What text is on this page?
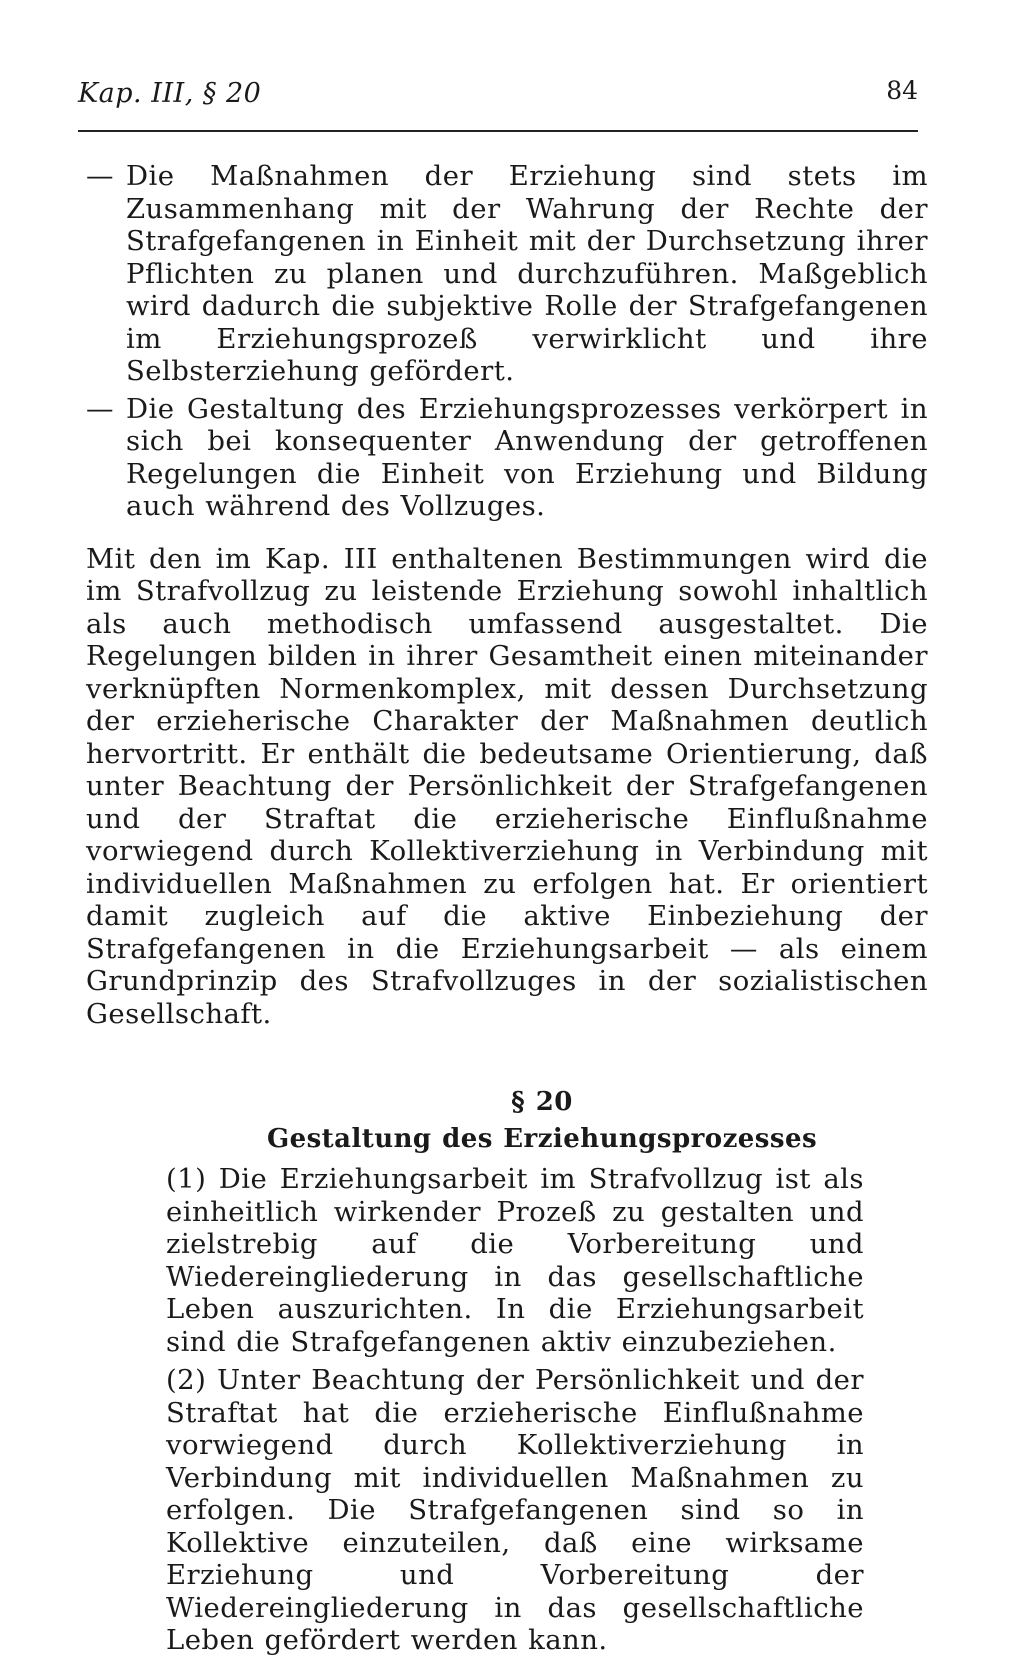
Kap. III, § 20	84
— Die Maßnahmen der Erziehung sind stets im Zusammenhang mit der Wahrung der Rechte der Strafgefangenen in Einheit mit der Durchsetzung ihrer Pflichten zu planen und durchzuführen. Maßgeblich wird dadurch die subjektive Rolle der Strafgefangenen im Erziehungsprozeß verwirklicht und ihre Selbsterziehung gefördert.
— Die Gestaltung des Erziehungsprozesses verkörpert in sich bei konsequenter Anwendung der getroffenen Regelungen die Einheit von Erziehung und Bildung auch während des Vollzuges.

Mit den im Kap. III enthaltenen Bestimmungen wird die im Strafvollzug zu leistende Erziehung sowohl inhaltlich als auch methodisch umfassend ausgestaltet. Die Regelungen bilden in ihrer Gesamtheit einen miteinander verknüpften Normenkomplex, mit dessen Durchsetzung der erzieherische Charakter der Maßnahmen deutlich hervortritt. Er enthält die bedeutsame Orientierung, daß unter Beachtung der Persönlichkeit der Strafgefangenen und der Straftat die erzieherische Einflußnahme vorwiegend durch Kollektiverziehung in Verbindung mit individuellen Maßnahmen zu erfolgen hat. Er orientiert damit zugleich auf die aktive Einbeziehung der Strafgefangenen in die Erziehungsarbeit — als einem Grundprinzip des Strafvollzuges in der sozialistischen Gesellschaft.

§ 20
Gestaltung des Erziehungsprozesses

(1) Die Erziehungsarbeit im Strafvollzug ist als einheitlich wirkender Prozeß zu gestalten und zielstrebig auf die Vorbereitung und Wiedereingliederung in das gesellschaftliche Leben auszurichten. In die Erziehungsarbeit sind die Strafgefangenen aktiv einzubeziehen.

(2) Unter Beachtung der Persönlichkeit und der Straftat hat die erzieherische Einflußnahme vorwiegend durch Kollektiverziehung in Verbindung mit individuellen Maßnahmen zu erfolgen. Die Strafgefangenen sind so in Kollektive einzuteilen, daß eine wirksame Erziehung und Vorbereitung der Wiedereingliederung in das gesellschaftliche Leben gefördert werden kann.
